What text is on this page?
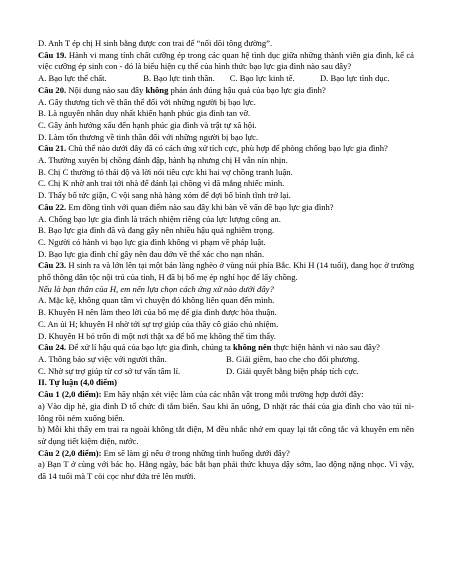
D. Anh T ép chị H sinh bằng được con trai để “nối dõi tông đường”.
Câu 19. Hành vi mang tính chất cưỡng ép trong các quan hệ tình dục giữa những thành viên gia đình, kể cả việc cưỡng ép sinh con - đó là biểu hiện cụ thể của hình thức bạo lực gia đình nào sau đây?
A. Bạo lực thể chất.	B. Bạo lực tinh thần.	C. Bạo lực kinh tế.	D. Bạo lực tình dục.
Câu 20. Nội dung nào sau đây không phản ánh đúng hậu quả của bạo lực gia đình?
A. Gây thương tích về thân thể đối với những người bị bạo lực.
B. Là nguyên nhân duy nhất khiến hạnh phúc gia đình tan vỡ.
C. Gây ảnh hưởng xấu đến hạnh phúc gia đình và trật tự xã hội.
D. Làm tổn thương về tinh thần đối với những người bị bạo lực.
Câu 21. Chủ thể nào dưới đây đã có cách ứng xử tích cực, phù hợp để phòng chống bạo lực gia đình?
A. Thường xuyên bị chồng đánh đập, hành hạ nhưng chị H vẫn nín nhịn.
B. Chị C thường tỏ thái độ và lời nói tiêu cực khi hai vợ chồng tranh luận.
C. Chị K nhờ anh trai tới nhà để đánh lại chồng vì đã mắng nhiếc mình.
D. Thấy bố tức giận, C vội sang nhà hàng xóm để đợi bố bình tĩnh trở lại.
Câu 22. Em đồng tình với quan điểm nào sau đây khi bàn về vấn đề bạo lực gia đình?
A. Chống bạo lực gia đình là trách nhiệm riêng của lực lượng công an.
B. Bạo lực gia đình đã và đang gây nên nhiều hậu quả nghiêm trọng.
C. Người có hành vi bạo lực gia đình không vi phạm về pháp luật.
D. Bạo lực gia đình chỉ gây nên đau đớn về thể xác cho nạn nhân.
Câu 23. H sinh ra và lớn lên tại một bản làng nghèo ở vùng núi phía Bắc. Khi H (14 tuổi), đang học ở trường phổ thông dân tộc nội trú của tỉnh, H đã bị bố mẹ ép nghỉ học để lấy chồng.
Nếu là bạn thân của H, em nên lựa chọn cách ứng xử nào dưới đây?
A. Mặc kệ, không quan tâm vì chuyện đó không liên quan đến mình.
B. Khuyên H nên làm theo lời của bố mẹ để gia đình được hòa thuận.
C. An ủi H; khuyên H nhờ tới sự trợ giúp của thầy cô giáo chủ nhiệm.
D. Khuyên H bỏ trốn đi một nơi thật xa để bố mẹ không thể tìm thấy.
Câu 24. Để xử lí hậu quả của bạo lực gia đình, chúng ta không nên thực hiện hành vi nào sau đây?
A. Thông báo sự việc với người thân.	B. Giải giềm, bao che cho đối phương.
C. Nhờ sự trợ giúp từ cơ sở tư vấn tâm lí.	D. Giải quyết bằng biện pháp tích cực.
II. Tự luận (4,0 điểm)
Câu 1 (2,0 điểm): Em hãy nhận xét việc làm của các nhân vật trong mỗi trường hợp dưới đây:
a) Vào dịp hè, gia đình D tổ chức đi tắm biển. Sau khi ăn uống, D nhặt rác thải của gia đình cho vào túi ni-lông rồi ném xuống biển.
b) Mỗi khi thấy em trai ra ngoài không tắt điện, M đều nhắc nhở em quay lại tắt công tắc và khuyên em nên sử dụng tiết kiệm điện, nước.
Câu 2 (2,0 điểm): Em sẽ làm gì nếu ở trong những tình huống dưới đây?
a) Bạn T ở cùng với bác họ. Hằng ngày, bác bắt bạn phải thức khuya dậy sớm, lao động nặng nhọc. Vì vậy, đã 14 tuổi mà T còi cọc như đứa trẻ lên mười.
